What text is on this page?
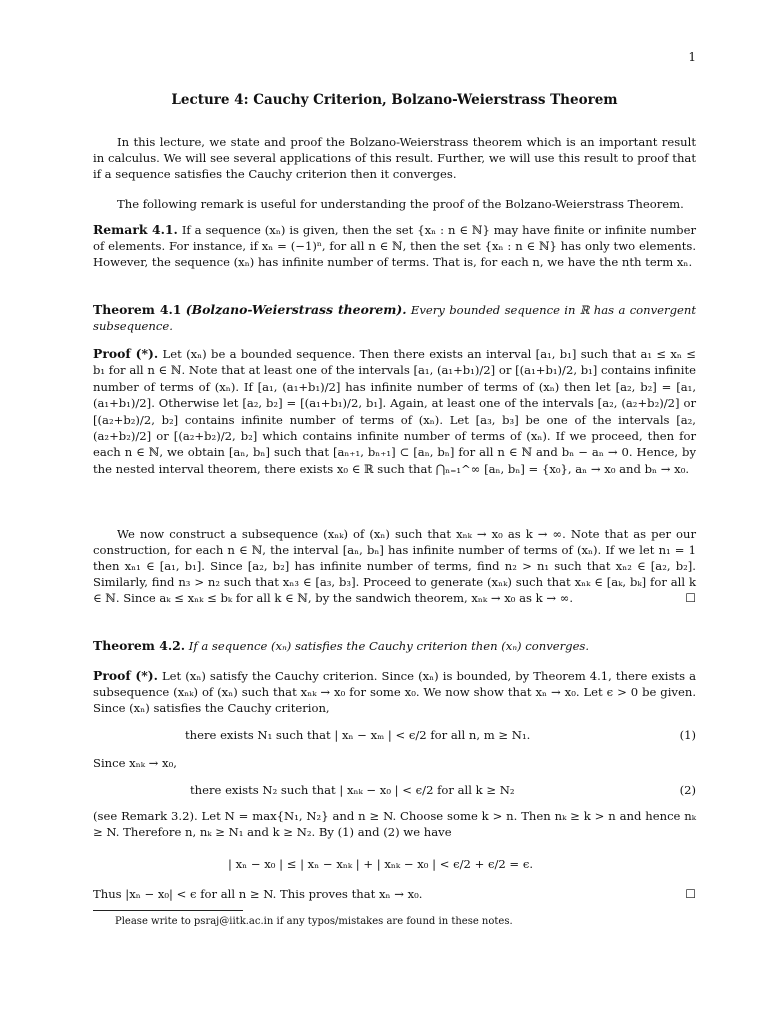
1
Lecture 4: Cauchy Criterion, Bolzano-Weierstrass Theorem
In this lecture, we state and proof the Bolzano-Weierstrass theorem which is an important result in calculus. We will see several applications of this result. Further, we will use this result to proof that if a sequence satisfies the Cauchy criterion then it converges.
The following remark is useful for understanding the proof of the Bolzano-Weierstrass Theorem.
Remark 4.1. If a sequence (xₙ) is given, then the set {xₙ : n ∈ ℕ} may have finite or infinite number of elements. For instance, if xₙ = (−1)ⁿ, for all n ∈ ℕ, then the set {xₙ : n ∈ ℕ} has only two elements. However, the sequence (xₙ) has infinite number of terms. That is, for each n, we have the nth term xₙ.
Theorem 4.1 (Bolzano-Weierstrass theorem). Every bounded sequence in ℝ has a convergent subsequence.
Proof (*). Let (xₙ) be a bounded sequence. Then there exists an interval [a₁, b₁] such that a₁ ≤ xₙ ≤ b₁ for all n ∈ ℕ. Note that at least one of the intervals [a₁, (a₁+b₁)/2] or [(a₁+b₁)/2, b₁] contains infinite number of terms of (xₙ). If [a₁, (a₁+b₁)/2] has infinite number of terms of (xₙ) then let [a₂, b₂] = [a₁, (a₁+b₁)/2]. Otherwise let [a₂, b₂] = [(a₁+b₁)/2, b₁]. Again, at least one of the intervals [a₂, (a₂+b₂)/2] or [(a₂+b₂)/2, b₂] contains infinite number of terms of (xₙ). Let [a₃, b₃] be one of the intervals [a₂, (a₂+b₂)/2] or [(a₂+b₂)/2, b₂] which contains infinite number of terms of (xₙ). If we proceed, then for each n ∈ ℕ, we obtain [aₙ, bₙ] such that [aₙ₊₁, bₙ₊₁] ⊂ [aₙ, bₙ] for all n ∈ ℕ and bₙ − aₙ → 0. Hence, by the nested interval theorem, there exists x₀ ∈ ℝ such that ⋂ₙ₌₁^∞ [aₙ, bₙ] = {x₀}, aₙ → x₀ and bₙ → x₀.
We now construct a subsequence (xₙₖ) of (xₙ) such that xₙₖ → x₀ as k → ∞. Note that as per our construction, for each n ∈ ℕ, the interval [aₙ, bₙ] has infinite number of terms of (xₙ). If we let n₁ = 1 then xₙ₁ ∈ [a₁, b₁]. Since [a₂, b₂] has infinite number of terms, find n₂ > n₁ such that xₙ₂ ∈ [a₂, b₂]. Similarly, find n₃ > n₂ such that xₙ₃ ∈ [a₃, b₃]. Proceed to generate (xₙₖ) such that xₙₖ ∈ [aₖ, bₖ] for all k ∈ ℕ. Since aₖ ≤ xₙₖ ≤ bₖ for all k ∈ ℕ, by the sandwich theorem, xₙₖ → x₀ as k → ∞.	☐
Theorem 4.2. If a sequence (xₙ) satisfies the Cauchy criterion then (xₙ) converges.
Proof (*). Let (xₙ) satisfy the Cauchy criterion. Since (xₙ) is bounded, by Theorem 4.1, there exists a subsequence (xₙₖ) of (xₙ) such that xₙₖ → x₀ for some x₀. We now show that xₙ → x₀. Let ϵ > 0 be given. Since (xₙ) satisfies the Cauchy criterion,
there exists N₁ such that | xₙ − xₘ | < ϵ/2 for all n, m ≥ N₁.	(1)
Since xₙₖ → x₀,
there exists N₂ such that | xₙₖ − x₀ | < ϵ/2 for all k ≥ N₂	(2)
(see Remark 3.2). Let N = max{N₁, N₂} and n ≥ N. Choose some k > n. Then nₖ ≥ k > n and hence nₖ ≥ N. Therefore n, nₖ ≥ N₁ and k ≥ N₂. By (1) and (2) we have
| xₙ − x₀ | ≤ | xₙ − xₙₖ | + | xₙₖ − x₀ | < ϵ/2 + ϵ/2 = ϵ.
Thus |xₙ − x₀| < ϵ for all n ≥ N. This proves that xₙ → x₀.	☐
Please write to psraj@iitk.ac.in if any typos/mistakes are found in these notes.
